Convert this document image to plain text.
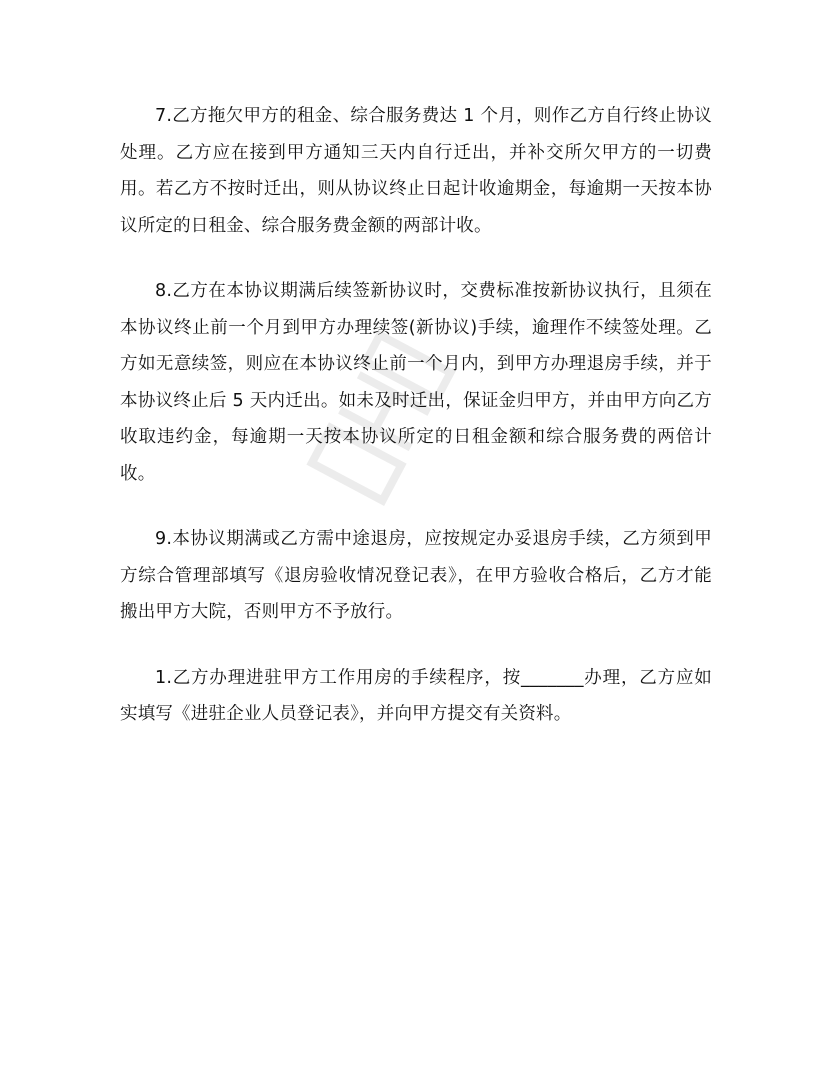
7.乙方拖欠甲方的租金、综合服务费达 1 个月，则作乙方自行终止协议处理。乙方应在接到甲方通知三天内自行迁出，并补交所欠甲方的一切费用。若乙方不按时迁出，则从协议终止日起计收逾期金，每逾期一天按本协议所定的日租金、综合服务费金额的两部计收。

8.乙方在本协议期满后续签新协议时，交费标准按新协议执行，且须在本协议终止前一个月到甲方办理续签(新协议)手续，逾理作不续签处理。乙方如无意续签，则应在本协议终止前一个月内，到甲方办理退房手续，并于本协议终止后 5 天内迁出。如未及时迁出，保证金归甲方，并由甲方向乙方收取违约金，每逾期一天按本协议所定的日租金额和综合服务费的两倍计收。

9.本协议期满或乙方需中途退房，应按规定办妥退房手续，乙方须到甲方综合管理部填写《退房验收情况登记表》，在甲方验收合格后，乙方才能搬出甲方大院，否则甲方不予放行。

1.乙方办理进驻甲方工作用房的手续程序，按_______办理，乙方应如实填写《进驻企业人员登记表》，并向甲方提交有关资料。
